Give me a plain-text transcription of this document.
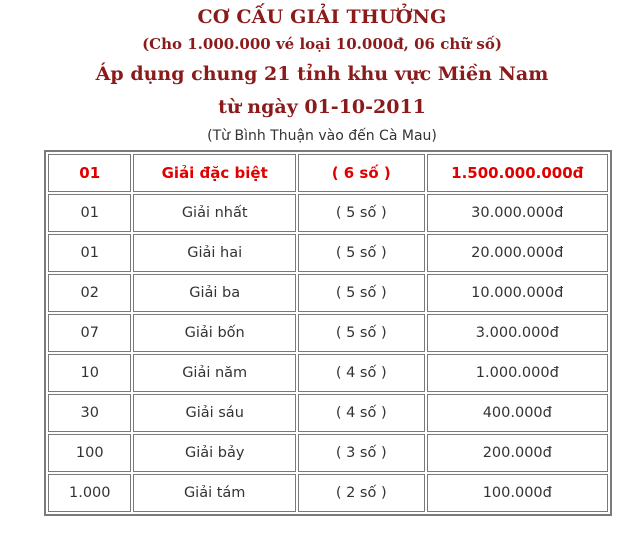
CƠ CẤU GIẢI THƯỞNG
(Cho 1.000.000 vé loại 10.000đ, 06 chữ số)
Áp dụng chung 21 tỉnh khu vực Miền Nam
từ ngày 01-10-2011
(Từ Bình Thuận vào đến Cà Mau)
01	Giải đặc biệt	( 6 số )	1.500.000.000đ
01	Giải nhất	( 5 số )	30.000.000đ
01	Giải hai	( 5 số )	20.000.000đ
02	Giải ba	( 5 số )	10.000.000đ
07	Giải bốn	( 5 số )	3.000.000đ
10	Giải năm	( 4 số )	1.000.000đ
30	Giải sáu	( 4 số )	400.000đ
100	Giải bảy	( 3 số )	200.000đ
1.000	Giải tám	( 2 số )	100.000đ
